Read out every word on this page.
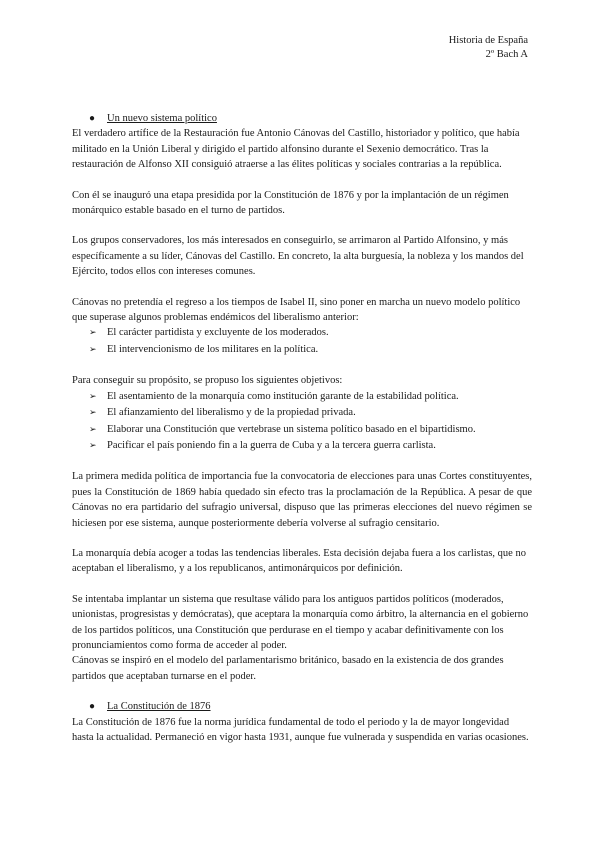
Historia de España
2º Bach A
●	Un nuevo sistema político

El verdadero artífice de la Restauración fue Antonio Cánovas del Castillo, historiador y político, que había militado en la Unión Liberal y dirigido el partido alfonsino durante el Sexenio democrático. Tras la restauración de Alfonso XII consiguió atraerse a las élites políticas y sociales contrarias a la república.

Con él se inauguró una etapa presidida por la Constitución de 1876 y por la implantación de un régimen monárquico estable basado en el turno de partidos.

Los grupos conservadores, los más interesados en conseguirlo, se arrimaron al Partido Alfonsino, y más específicamente a su líder, Cánovas del Castillo. En concreto, la alta burguesía, la nobleza y los mandos del Ejército, todos ellos con intereses comunes.

Cánovas no pretendía el regreso a los tiempos de Isabel II, sino poner en marcha un nuevo modelo político que superase algunos problemas endémicos del liberalismo anterior:

➢ El carácter partidista y excluyente de los moderados.
➢ El intervencionismo de los militares en la política.

Para conseguir su propósito, se propuso los siguientes objetivos:

➢ El asentamiento de la monarquía como institución garante de la estabilidad política.
➢ El afianzamiento del liberalismo y de la propiedad privada.
➢ Elaborar una Constitución que vertebrase un sistema político basado en el bipartidismo.
➢ Pacificar el país poniendo fin a la guerra de Cuba y a la tercera guerra carlista.

La primera medida política de importancia fue la convocatoria de elecciones para unas Cortes constituyentes, pues la Constitución de 1869 había quedado sin efecto tras la proclamación de la República. A pesar de que Cánovas no era partidario del sufragio universal, dispuso que las primeras elecciones del nuevo régimen se hiciesen por ese sistema, aunque posteriormente debería volverse al sufragio censitario.

La monarquía debía acoger a todas las tendencias liberales. Esta decisión dejaba fuera a los carlistas, que no aceptaban el liberalismo, y a los republicanos, antimonárquicos por definición.

Se intentaba implantar un sistema que resultase válido para los antiguos partidos políticos (moderados, unionistas, progresistas y demócratas), que aceptara la monarquía como árbitro, la alternancia en el gobierno de los partidos políticos, una Constitución que perdurase en el tiempo y acabar definitivamente con los pronunciamientos como forma de acceder al poder.

Cánovas se inspiró en el modelo del parlamentarismo británico, basado en la existencia de dos grandes partidos que aceptaban turnarse en el poder.

●	La Constitución de 1876

La Constitución de 1876 fue la norma jurídica fundamental de todo el periodo y la de mayor longevidad hasta la actualidad. Permaneció en vigor hasta 1931, aunque fue vulnerada y suspendida en varias ocasiones.
